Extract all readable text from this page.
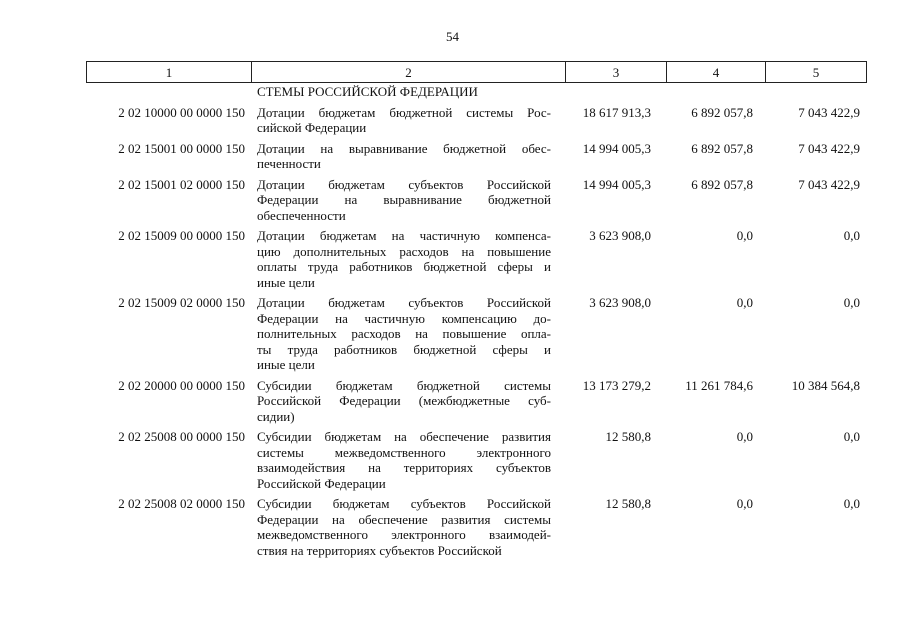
54
1	2	3	4	5
СТЕМЫ РОССИЙСКОЙ ФЕДЕРАЦИИ
2 02 10000 00 0000 150 Дотации бюджетам бюджетной системы Рос-
сийской Федерации
18 617 913,3	6 892 057,8	7 043 422,9
2 02 15001 00 0000 150 Дотации на выравнивание бюджетной обес-
печенности
14 994 005,3	6 892 057,8	7 043 422,9
2 02 15001 02 0000 150 Дотации бюджетам субъектов Российской
Федерации на выравнивание бюджетной
обеспеченности
14 994 005,3	6 892 057,8	7 043 422,9
2 02 15009 00 0000 150 Дотации бюджетам на частичную компенса-
цию дополнительных расходов на повышение
оплаты труда работников бюджетной сферы и
иные цели
3 623 908,0	0,0	0,0
2 02 15009 02 0000 150 Дотации бюджетам субъектов Российской
Федерации на частичную компенсацию до-
полнительных расходов на повышение опла-
ты труда работников бюджетной сферы и
иные цели
3 623 908,0	0,0	0,0
2 02 20000 00 0000 150 Субсидии бюджетам бюджетной системы
Российской Федерации (межбюджетные суб-
сидии)
13 173 279,2	11 261 784,6	10 384 564,8
2 02 25008 00 0000 150 Субсидии бюджетам на обеспечение развития
системы межведомственного электронного
взаимодействия на территориях субъектов
Российской Федерации
12 580,8	0,0	0,0
2 02 25008 02 0000 150 Субсидии бюджетам субъектов Российской
Федерации на обеспечение развития системы
межведомственного электронного взаимодей-
ствия на территориях субъектов Российской
12 580,8	0,0	0,0
